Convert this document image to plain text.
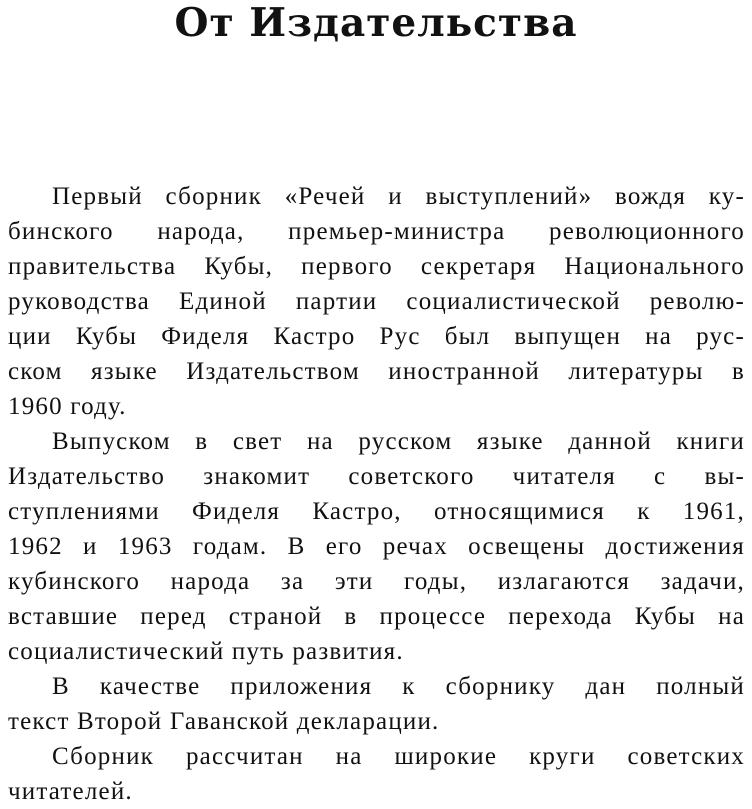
От Издательства
Первый сборник «Речей и выступлений» вождя ку-
бинского народа, премьер-министра революционного
правительства Кубы, первого секретаря Национального
руководства Единой партии социалистической револю-
ции Кубы Фиделя Кастро Рус был выпущен на рус-
ском языке Издательством иностранной литературы в
1960 году.
Выпуском в свет на русском языке данной книги
Издательство знакомит советского читателя с вы-
ступлениями Фиделя Кастро, относящимися к 1961,
1962 и 1963 годам. В его речах освещены достижения
кубинского народа за эти годы, излагаются задачи,
вставшие перед страной в процессе перехода Кубы на
социалистический путь развития.
В качестве приложения к сборнику дан полный
текст Второй Гаванской декларации.
Сборник рассчитан на широкие круги советских
читателей.
